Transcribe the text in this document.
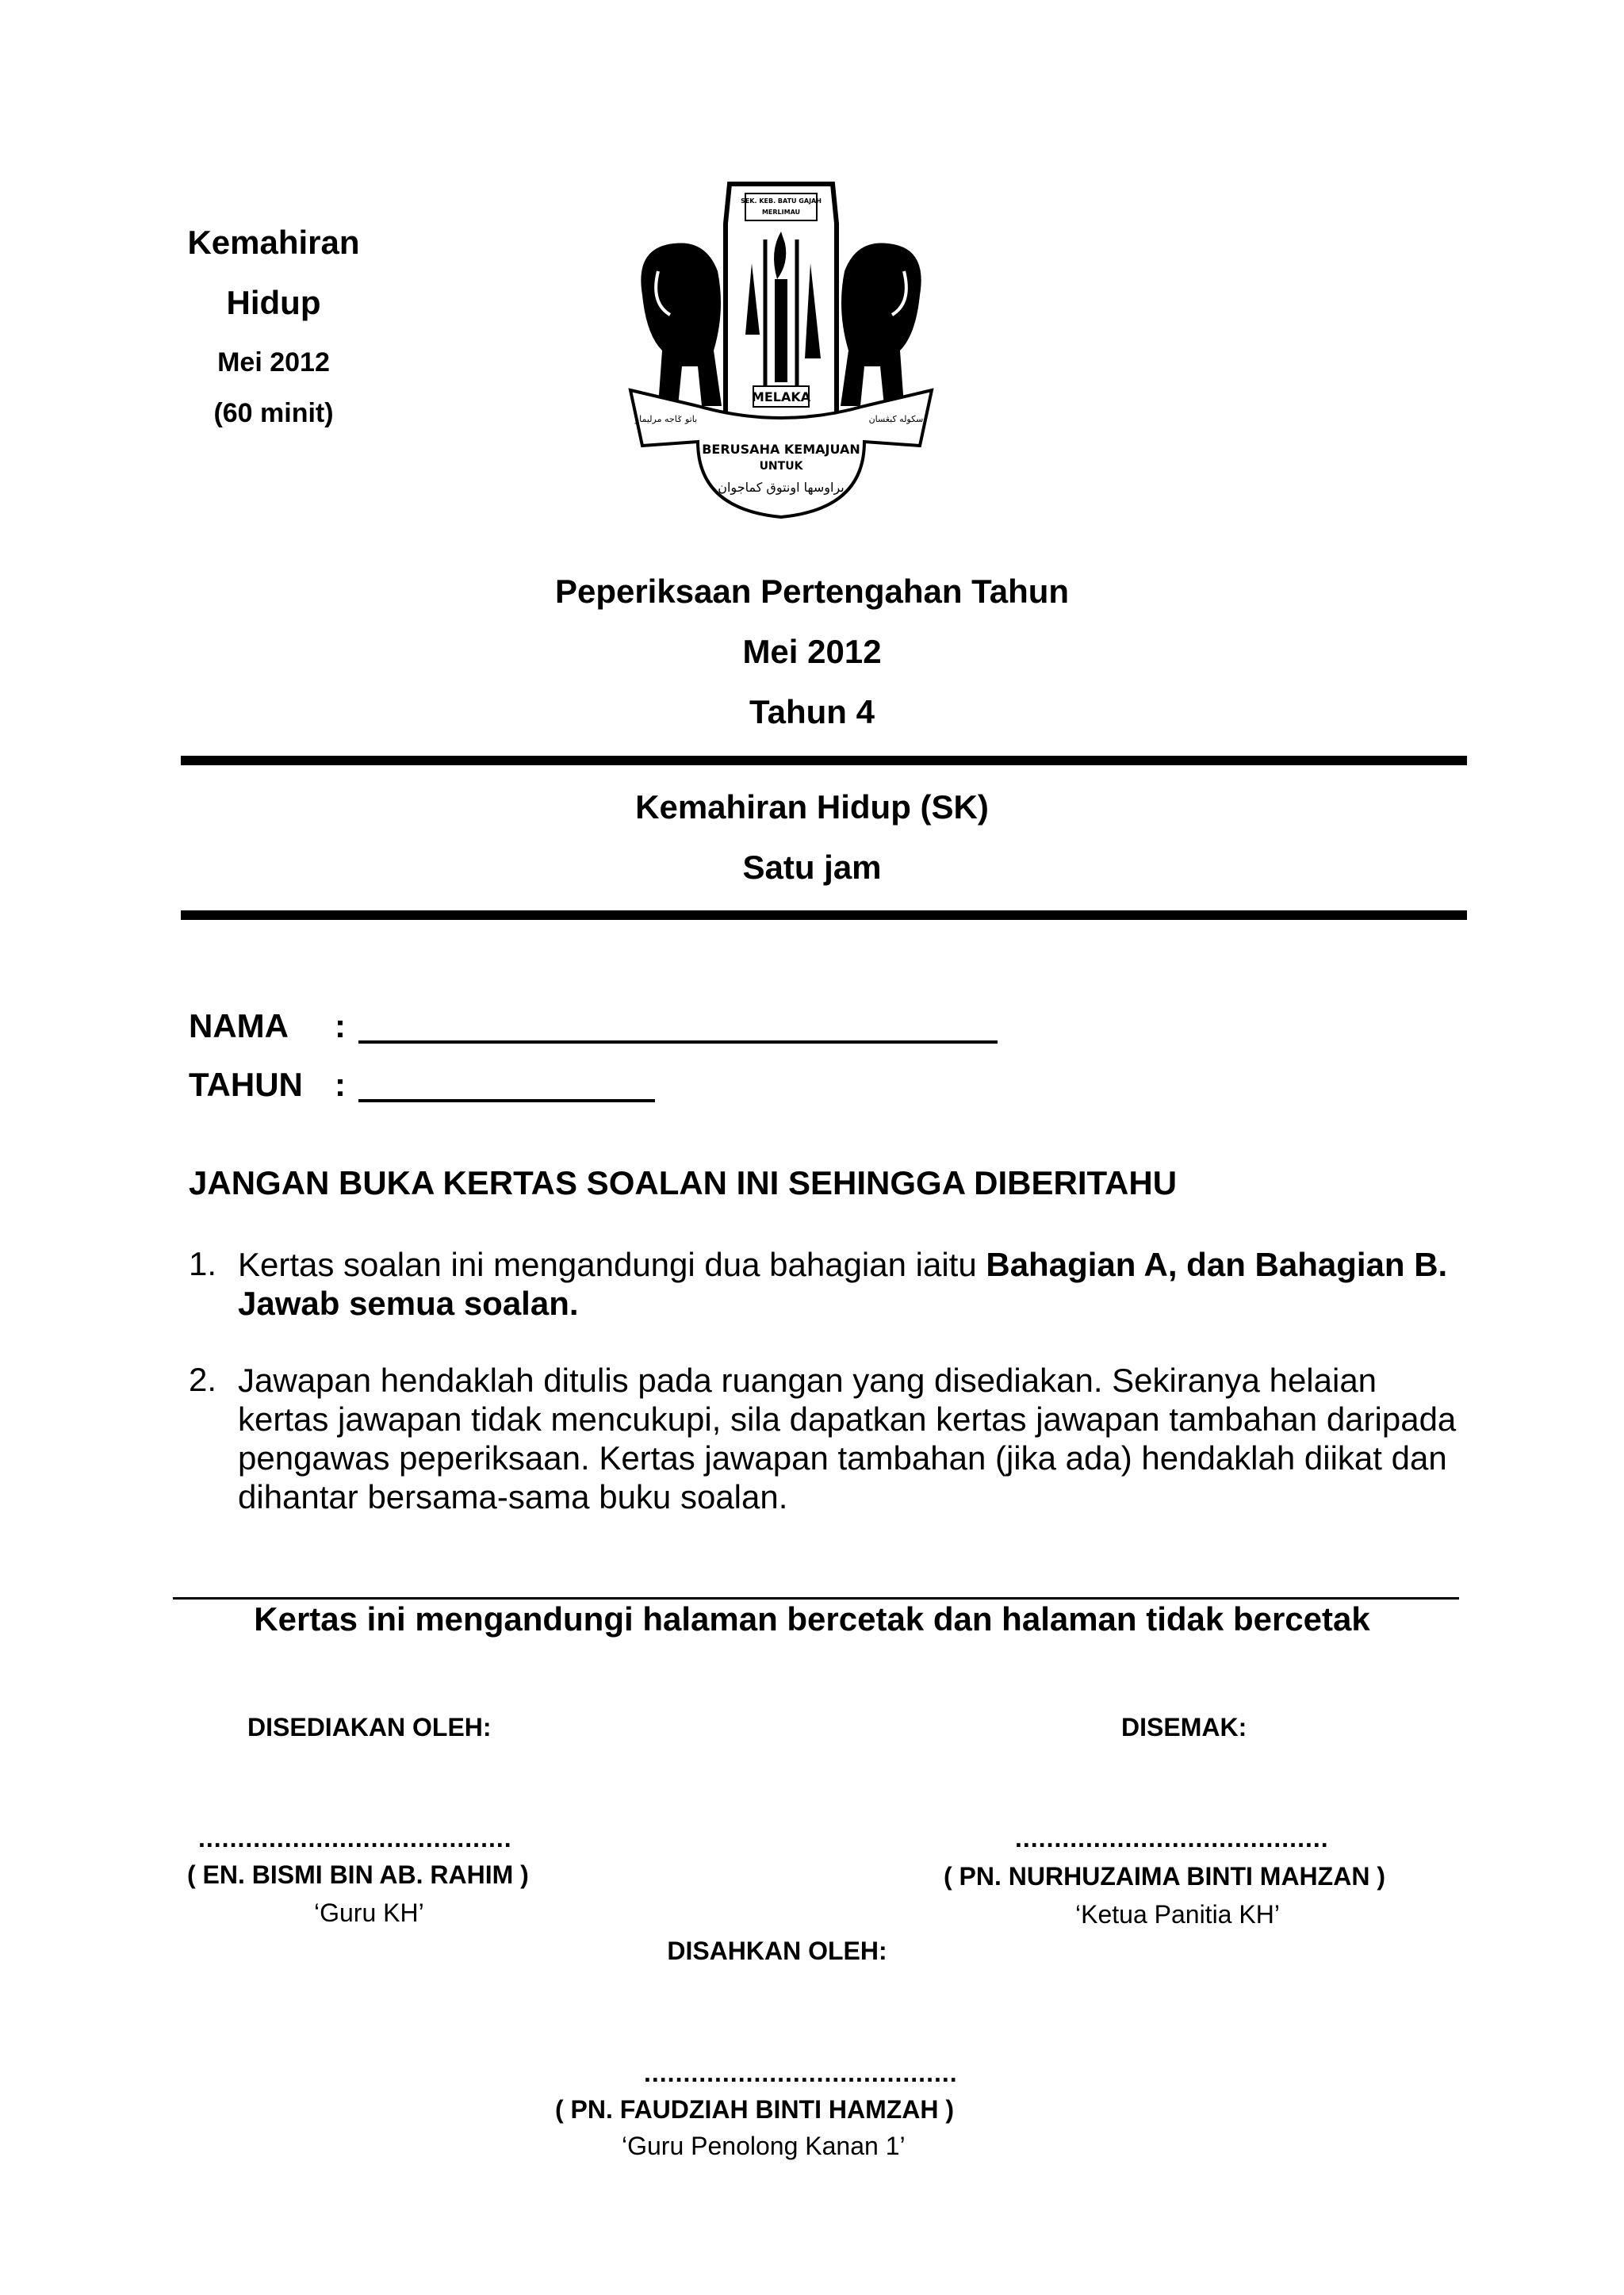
Kemahiran
Hidup
Mei 2012
(60 minit)
SEK. KEB. BATU GAJAH
MERLIMAU
MELAKA
باتو ݢاجه مرليماو	سکوله کبڠسان
BERUSAHA KEMAJUAN
UNTUK
براوسها اونتوق کماجوان
Peperiksaan Pertengahan Tahun
Mei 2012
Tahun 4
Kemahiran Hidup (SK)
Satu jam
NAMA :
TAHUN :
JANGAN BUKA KERTAS SOALAN INI SEHINGGA DIBERITAHU
1. Kertas soalan ini mengandungi dua bahagian iaitu Bahagian A, dan Bahagian B. Jawab semua soalan.
2. Jawapan hendaklah ditulis pada ruangan yang disediakan. Sekiranya helaian kertas jawapan tidak mencukupi, sila dapatkan kertas jawapan tambahan daripada pengawas peperiksaan. Kertas jawapan tambahan (jika ada) hendaklah diikat dan dihantar bersama-sama buku soalan.
Kertas ini mengandungi halaman bercetak dan halaman tidak bercetak
DISEDIAKAN OLEH:	DISEMAK:
........................................
( EN. BISMI BIN AB. RAHIM )
‘Guru KH’
........................................
( PN. NURHUZAIMA BINTI MAHZAN )
‘Ketua Panitia KH’
DISAHKAN OLEH:
........................................
( PN. FAUDZIAH BINTI HAMZAH )
‘Guru Penolong Kanan 1’
